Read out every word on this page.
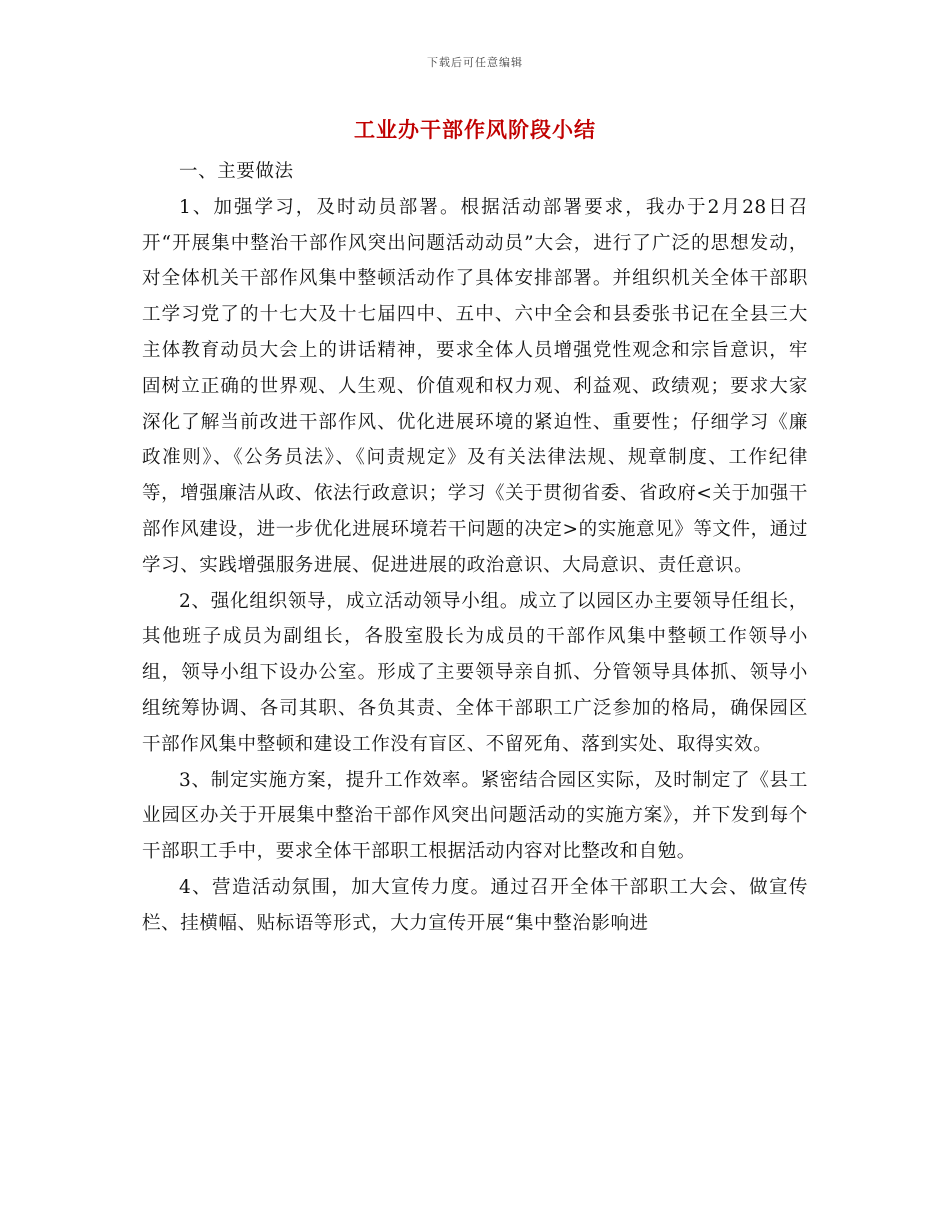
下载后可任意编辑
工业办干部作风阶段小结

一、主要做法

1、加强学习，及时动员部署。根据活动部署要求，我办于2月28日召开“开展集中整治干部作风突出问题活动动员”大会，进行了广泛的思想发动，对全体机关干部作风集中整顿活动作了具体安排部署。并组织机关全体干部职工学习党了的十七大及十七届四中、五中、六中全会和县委张书记在全县三大主体教育动员大会上的讲话精神，要求全体人员增强党性观念和宗旨意识，牢固树立正确的世界观、人生观、价值观和权力观、利益观、政绩观；要求大家深化了解当前改进干部作风、优化进展环境的紧迫性、重要性；仔细学习《廉政准则》、《公务员法》、《问责规定》及有关法律法规、规章制度、工作纪律等，增强廉洁从政、依法行政意识；学习《关于贯彻省委、省政府<关于加强干部作风建设，进一步优化进展环境若干问题的决定>的实施意见》等文件，通过学习、实践增强服务进展、促进进展的政治意识、大局意识、责任意识。

2、强化组织领导，成立活动领导小组。成立了以园区办主要领导任组长，其他班子成员为副组长，各股室股长为成员的干部作风集中整顿工作领导小组，领导小组下设办公室。形成了主要领导亲自抓、分管领导具体抓、领导小组统筹协调、各司其职、各负其责、全体干部职工广泛参加的格局，确保园区干部作风集中整顿和建设工作没有盲区、不留死角、落到实处、取得实效。

3、制定实施方案，提升工作效率。紧密结合园区实际，及时制定了《县工业园区办关于开展集中整治干部作风突出问题活动的实施方案》，并下发到每个干部职工手中，要求全体干部职工根据活动内容对比整改和自勉。

4、营造活动氛围，加大宣传力度。通过召开全体干部职工大会、做宣传栏、挂横幅、贴标语等形式，大力宣传开展“集中整治影响进
